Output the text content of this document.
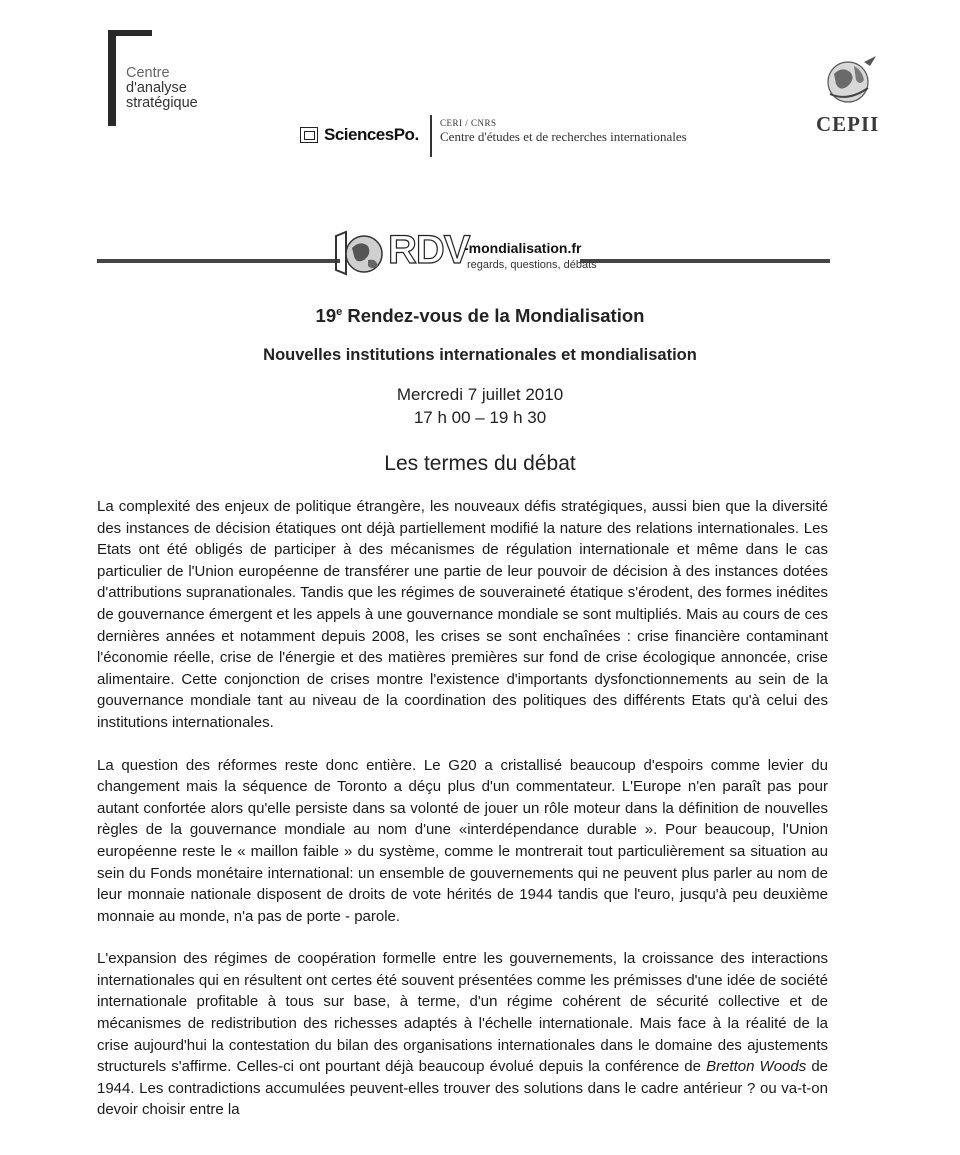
Centre
d'analyse
stratégique
SciencesPo.
CERI / CNRS
Centre d'études et de recherches internationales
CEPII
RDV
-mondialisation.fr
regards, questions, débats
19e Rendez-vous de la Mondialisation
Nouvelles institutions internationales et mondialisation
Mercredi 7 juillet 2010
17 h 00 – 19 h 30
Les termes du débat

La complexité des enjeux de politique étrangère, les nouveaux défis stratégiques, aussi bien que la diversité des instances de décision étatiques ont déjà partiellement modifié la nature des relations internationales. Les Etats ont été obligés de participer à des mécanismes de régulation internationale et même dans le cas particulier de l'Union européenne de transférer une partie de leur pouvoir de décision à des instances dotées d'attributions supranationales. Tandis que les régimes de souveraineté étatique s'érodent, des formes inédites de gouvernance émergent et les appels à une gouvernance mondiale se sont multipliés. Mais au cours de ces dernières années et notamment depuis 2008, les crises se sont enchaînées : crise financière contaminant l'économie réelle, crise de l'énergie et des matières premières sur fond de crise écologique annoncée, crise alimentaire. Cette conjonction de crises montre l'existence d'importants dysfonctionnements au sein de la gouvernance mondiale tant au niveau de la coordination des politiques des différents Etats qu'à celui des institutions internationales.

La question des réformes reste donc entière. Le G20 a cristallisé beaucoup d'espoirs comme levier du changement mais la séquence de Toronto a déçu plus d'un commentateur. L'Europe n'en paraît pas pour autant confortée alors qu'elle persiste dans sa volonté de jouer un rôle moteur dans la définition de nouvelles règles de la gouvernance mondiale au nom d'une «interdépendance durable ». Pour beaucoup, l'Union européenne reste le « maillon faible » du système, comme le montrerait tout particulièrement sa situation au sein du Fonds monétaire international: un ensemble de gouvernements qui ne peuvent plus parler au nom de leur monnaie nationale disposent de droits de vote hérités de 1944 tandis que l'euro, jusqu'à peu deuxième monnaie au monde, n'a pas de porte - parole.

L'expansion des régimes de coopération formelle entre les gouvernements, la croissance des interactions internationales qui en résultent ont certes été souvent présentées comme les prémisses d'une idée de société internationale profitable à tous sur base, à terme, d'un régime cohérent de sécurité collective et de mécanismes de redistribution des richesses adaptés à l'échelle internationale. Mais face à la réalité de la crise aujourd'hui la contestation du bilan des organisations internationales dans le domaine des ajustements structurels s'affirme. Celles-ci ont pourtant déjà beaucoup évolué depuis la conférence de Bretton Woods de 1944. Les contradictions accumulées peuvent-elles trouver des solutions dans le cadre antérieur ? ou va-t-on devoir choisir entre la
